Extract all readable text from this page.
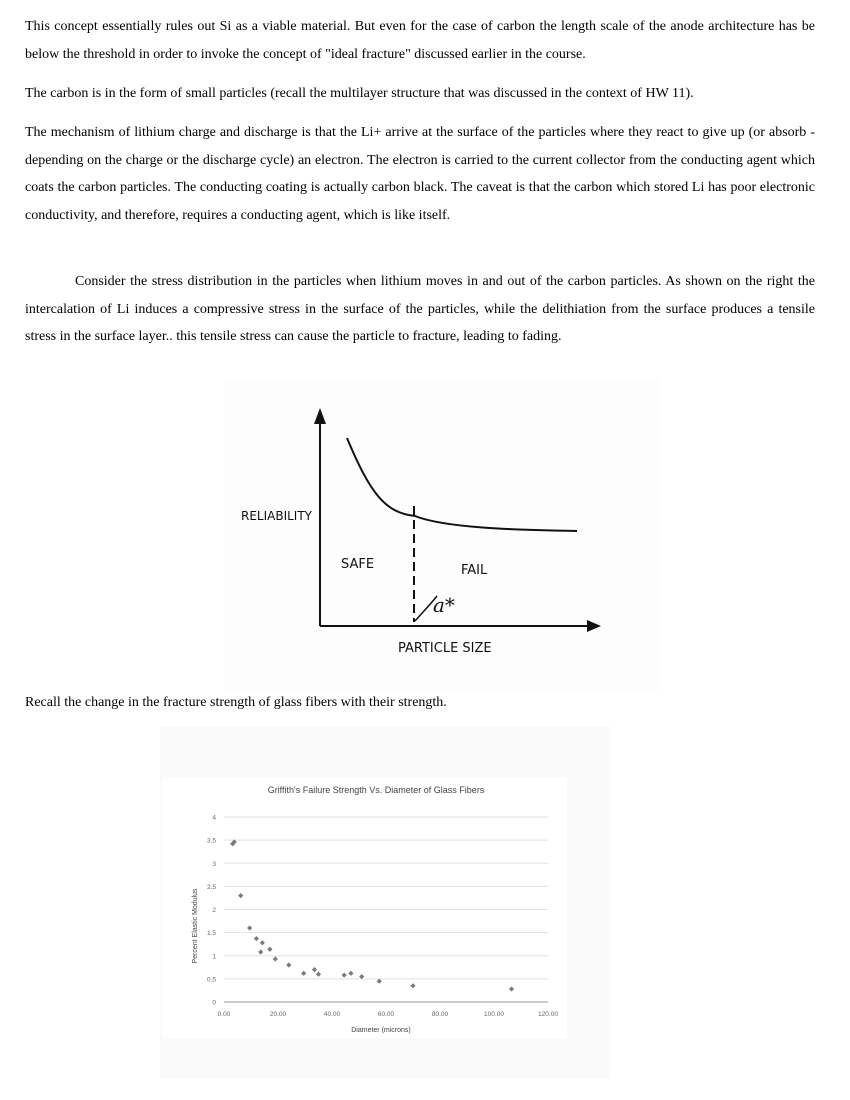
This concept essentially rules out Si as a viable material. But even for the case of carbon the length scale of the anode architecture has be below the threshold in order to invoke the concept of "ideal fracture" discussed earlier in the course.

The carbon is in the form of small particles (recall the multilayer structure that was discussed in the context of HW 11).

The mechanism of lithium charge and discharge is that the Li+ arrive at the surface of the particles where they react to give up (or absorb - depending on the charge or the discharge cycle) an electron. The electron is carried to the current collector from the conducting agent which coats the carbon particles. The conducting coating is actually carbon black. The caveat is that the carbon which stored Li has poor electronic conductivity, and therefore, requires a conducting agent, which is like itself.

Consider the stress distribution in the particles when lithium moves in and out of the carbon particles. As shown on the right the intercalation of Li induces a compressive stress in the surface of the particles, while the delithiation from the surface produces a tensile stress in the surface layer.. this tensile stress can cause the particle to fracture, leading to fading.

RELIABILITY
SAFE	FAIL
a*
PARTICLE SIZE

Recall the change in the fracture strength of glass fibers with their strength.

Griffith's Failure Strength Vs. Diameter of Glass Fibers
0
0.5
1
1.5
2
2.5
3
3.5
4
0.00	20.00	40.00	60.00	80.00	100.00	120.00
Diameter (microns)
Percent Elastic Modulus
